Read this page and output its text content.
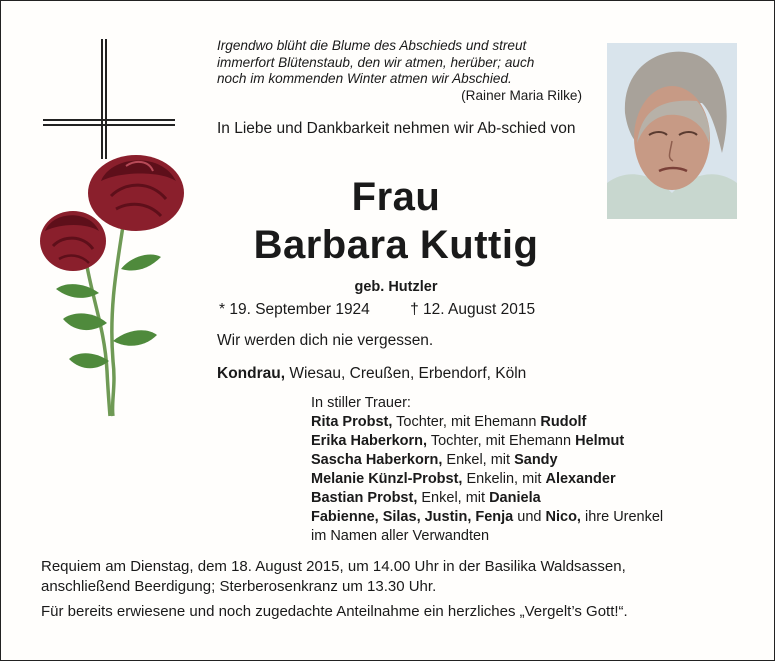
Irgendwo blüht die Blume des Abschieds und streut
immerfort Blütenstaub, den wir atmen, herüber; auch
noch im kommenden Winter atmen wir Abschied.
(Rainer Maria Rilke)
In Liebe und Dankbarkeit nehmen wir Ab-schied von
Frau
Barbara Kuttig
geb. Hutzler
* 19. September 1924	† 12. August 2015
Wir werden dich nie vergessen.
Kondrau, Wiesau, Creußen, Erbendorf, Köln
In stiller Trauer:
Rita Probst, Tochter, mit Ehemann Rudolf
Erika Haberkorn, Tochter, mit Ehemann Helmut
Sascha Haberkorn, Enkel, mit Sandy
Melanie Künzl-Probst, Enkelin, mit Alexander
Bastian Probst, Enkel, mit Daniela
Fabienne, Silas, Justin, Fenja und Nico, ihre Urenkel
im Namen aller Verwandten
Requiem am Dienstag, dem 18. August 2015, um 14.00 Uhr in der Basilika Waldsassen,
anschließend Beerdigung; Sterberosenkranz um 13.30 Uhr.
Für bereits erwiesene und noch zugedachte Anteilnahme ein herzliches „Vergelt’s Gott!“.
